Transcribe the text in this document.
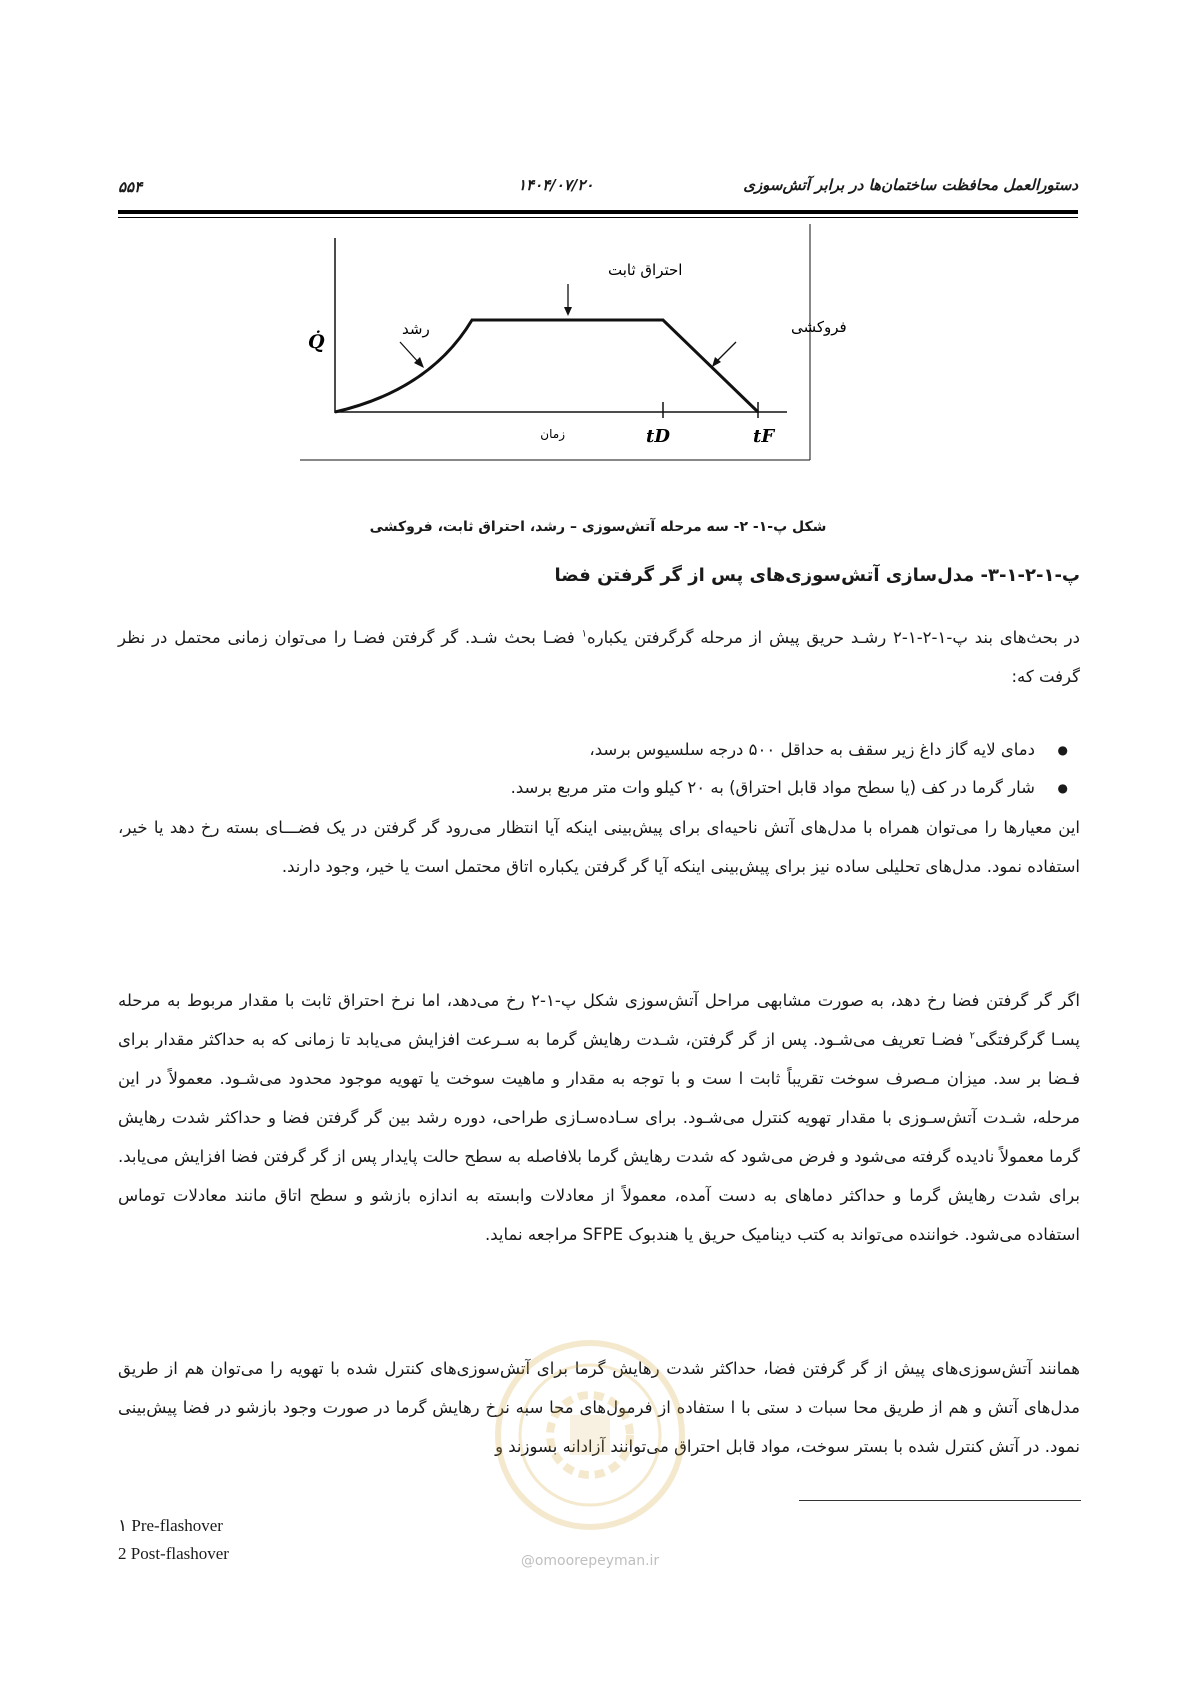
دستورالعمل محافظت ساختمان‌ها در برابر آتش‌سوزی
۱۴۰۴/۰۷/۲۰
۵۵۴
Q̇
زمان	tD	tF
رشد
احتراق ثابت
فروکشی
شکل پ-۱- ۲- سه مرحله آتش‌سوزی – رشد، احتراق ثابت، فروکشی
پ-۱-۲-۱-۳- مدل‌سازی آتش‌سوزی‌های پس از گر گرفتن فضا
در بحث‌های بند پ-۱-۲-۱-۲ رشـد حریق پیش از مرحله گرگرفتن یکباره$^۱$ فضـا بحث شـد. گر گرفتن فضـا را می‌توان زمانی محتمل در نظر گرفت که:
● دمای لایه گاز داغ زیر سقف به حداقل ۵۰۰ درجه سلسیوس برسد،
● شار گرما در کف (یا سطح مواد قابل احتراق) به ۲۰ کیلو وات متر مربع برسد.
این معیارها را می‌توان همراه با مدل‌های آتش ناحیه‌ای برای پیش‌بینی اینکه آیا انتظار می‌رود گر گرفتن در یک فضـــای بسته رخ دهد یا خیر، استفاده نمود. مدل‌های تحلیلی ساده نیز برای پیش‌بینی اینکه آیا گر گرفتن یکباره اتاق محتمل است یا خیر، وجود دارند.
اگر گر گرفتن فضا رخ دهد، به صورت مشابهی مراحل آتش‌سوزی شکل پ-۱-۲ رخ می‌دهد، اما نرخ احتراق ثابت با مقدار مربوط به مرحله پسـا گرگرفتگی$^۲$ فضـا تعریف می‌شـود. پس از گر گرفتن، شـدت رهایش گرما به سـرعت افزایش می‌یابد تا زمانی که به حداکثر مقدار برای فـضا بر سد. میزان مـصرف سوخت تقریباً ثابت ا ست و با توجه به مقدار و ماهیت سوخت یا تهویه موجود محدود می‌شـود. معمولاً در این مرحله، شـدت آتش‌سـوزی با مقدار تهویه کنترل می‌شـود. برای سـاده‌سـازی طراحی، دوره رشد بین گر گرفتن فضا و حداکثر شدت رهایش گرما معمولاً نادیده گرفته می‌شود و فرض می‌شود که شدت رهایش گرما بلافاصله به سطح حالت پایدار پس از گر گرفتن فضا افزایش می‌یابد. برای شدت رهایش گرما و حداکثر دماهای به دست آمده، معمولاً از معادلات وابسته به اندازه بازشو و سطح اتاق مانند معادلات توماس استفاده می‌شود. خواننده می‌تواند به کتب دینامیک حریق یا هندبوک SFPE مراجعه نماید.
همانند آتش‌سوزی‌های پیش از گر گرفتن فضا، حداکثر شدت رهایش گرما برای آتش‌سوزی‌های کنترل شده با تهویه را می‌توان هم از طریق مدل‌های آتش و هم از طریق محا سبات د ستی با ا ستفاده از فرمول‌های محا سبه نرخ رهایش گرما در صورت وجود بازشو در فضا پیش‌بینی نمود. در آتش کنترل شده با بستر سوخت، مواد قابل احتراق می‌توانند آزادانه بسوزند و
@omoorepeyman.ir
۱ Pre-flashover
2 Post-flashover
